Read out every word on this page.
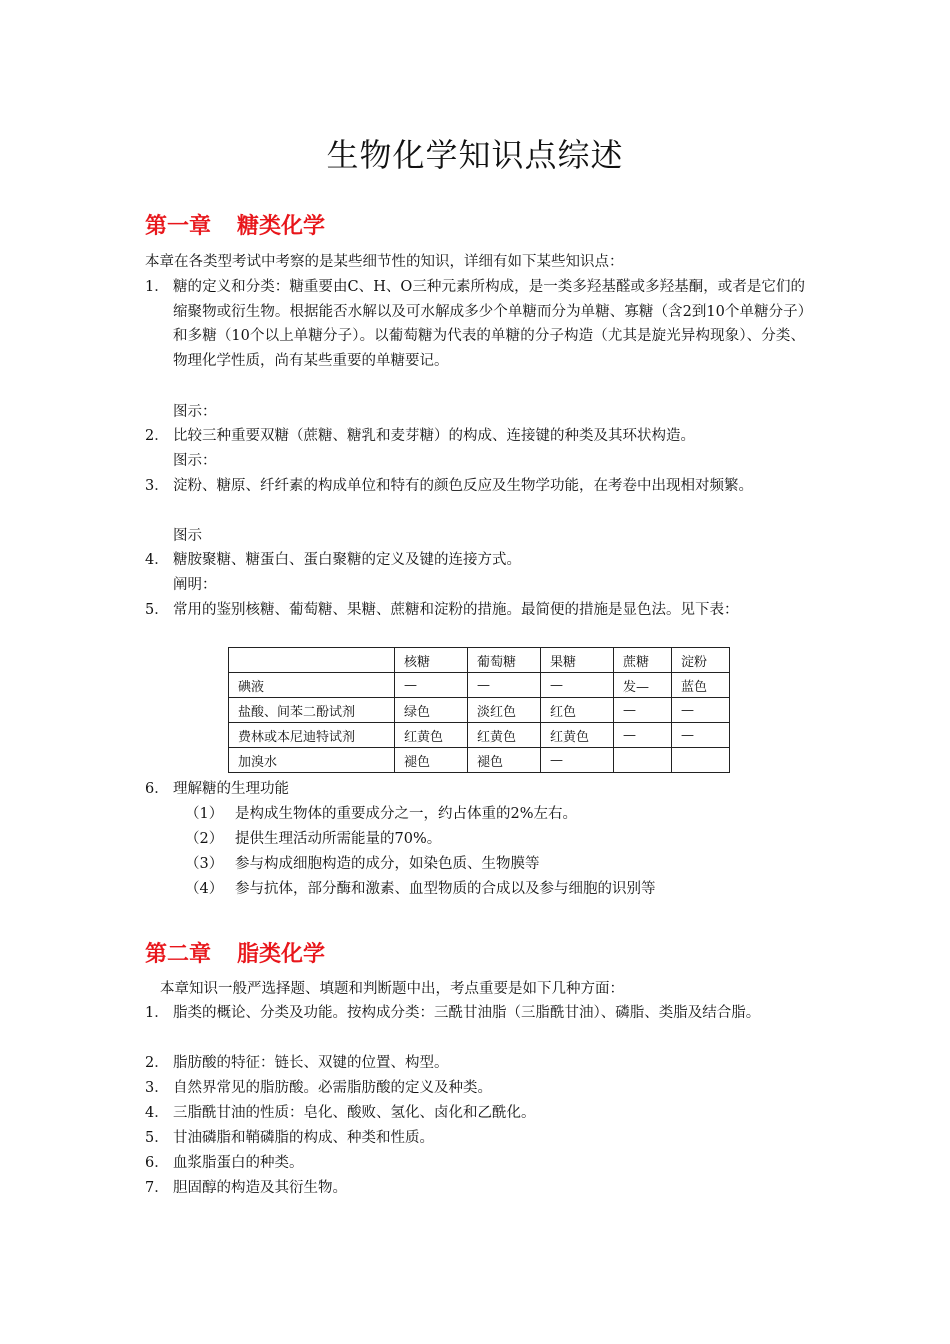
生物化学知识点综述
第一章 糖类化学
本章在各类型考试中考察的是某些细节性的知识，详细有如下某些知识点：
1． 糖的定义和分类：糖重要由C、H、O三种元素所构成，是一类多羟基醛或多羟基酮，或者是它们的缩聚物或衍生物。根据能否水解以及可水解成多少个单糖而分为单糖、寡糖（含2到10个单糖分子）和多糖（10个以上单糖分子）。以葡萄糖为代表的单糖的分子构造（尤其是旋光异构现象）、分类、物理化学性质，尚有某些重要的单糖要记。
图示：
2． 比较三种重要双糖（蔗糖、糖乳和麦芽糖）的构成、连接键的种类及其环状构造。
图示：
3． 淀粉、糖原、纤纤素的构成单位和特有的颜色反应及生物学功能，在考卷中出现相对频繁。
图示
4． 糖胺聚糖、糖蛋白、蛋白聚糖的定义及键的连接方式。
阐明：
5． 常用的鉴别核糖、葡萄糖、果糖、蔗糖和淀粉的措施。最简便的措施是显色法。见下表：
	核糖	葡萄糖	果糖	蔗糖	淀粉
碘液	—	—	—	发—	蓝色
盐酸、间苯二酚试剂	绿色	淡红色	红色	—	—
费林或本尼迪特试剂	红黄色	红黄色	红黄色	—	—
加溴水	褪色	褪色	—		
6． 理解糖的生理功能
（1） 是构成生物体的重要成分之一，约占体重的2%左右。
（2） 提供生理活动所需能量的70%。
（3） 参与构成细胞构造的成分，如染色质、生物膜等
（4） 参与抗体，部分酶和激素、血型物质的合成以及参与细胞的识别等
第二章 脂类化学
本章知识一般严选择题、填题和判断题中出，考点重要是如下几种方面：
1． 脂类的概论、分类及功能。按构成分类：三酰甘油脂（三脂酰甘油）、磷脂、类脂及结合脂。
2． 脂肪酸的特征：链长、双键的位置、构型。
3． 自然界常见的脂肪酸。必需脂肪酸的定义及种类。
4． 三脂酰甘油的性质：皂化、酸败、氢化、卤化和乙酰化。
5． 甘油磷脂和鞘磷脂的构成、种类和性质。
6． 血浆脂蛋白的种类。
7． 胆固醇的构造及其衍生物。
